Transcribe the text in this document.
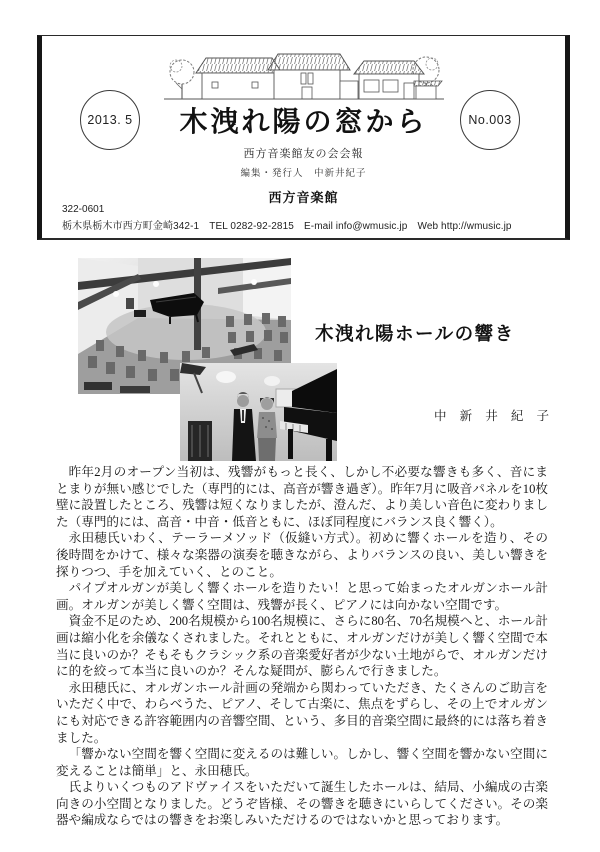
2013. 5	No.003
木洩れ陽の窓から
西方音楽館友の会会報
編集・発行人　中新井紀子
西方音楽館
322-0601
栃木県栃木市西方町金崎342-1　TEL 0282-92-2815　E-mail info@wmusic.jp　Web http://wmusic.jp
木洩れ陽ホールの響き
中 新 井 紀 子

昨年2月のオープン当初は、残響がもっと長く、しかし不必要な響きも多く、音にまとまりが無い感じでした（専門的には、高音が響き過ぎ）。昨年7月に吸音パネルを10枚壁に設置したところ、残響は短くなりましたが、澄んだ、より美しい音色に変わりました（専門的には、高音・中音・低音ともに、ほぼ同程度にバランス良く響く）。

永田穂氏いわく、テーラーメソッド（仮縫い方式）。初めに響くホールを造り、その後時間をかけて、様々な楽器の演奏を聴きながら、よりバランスの良い、美しい響きを探りつつ、手を加えていく、とのこと。

パイプオルガンが美しく響くホールを造りたい！と思って始まったオルガンホール計画。オルガンが美しく響く空間は、残響が長く、ピアノには向かない空間です。

資金不足のため、200名規模から100名規模に、さらに80名、70名規模へと、ホール計画は縮小化を余儀なくされました。それとともに、オルガンだけが美しく響く空間で本当に良いのか？そもそもクラシック系の音楽愛好者が少ない土地がらで、オルガンだけに的を絞って本当に良いのか？そんな疑問が、膨らんで行きました。

永田穂氏に、オルガンホール計画の発端から関わっていただき、たくさんのご助言をいただく中で、わらべうた、ピアノ、そして古楽に、焦点をずらし、その上でオルガンにも対応できる許容範囲内の音響空間、という、多目的音楽空間に最終的には落ち着きました。

「響かない空間を響く空間に変えるのは難しい。しかし、響く空間を響かない空間に変えることは簡単」と、永田穂氏。

氏よりいくつものアドヴァイスをいただいて誕生したホールは、結局、小編成の古楽向きの小空間となりました。どうぞ皆様、その響きを聴きにいらしてください。その楽器や編成ならではの響きをお楽しみいただけるのではないかと思っております。
